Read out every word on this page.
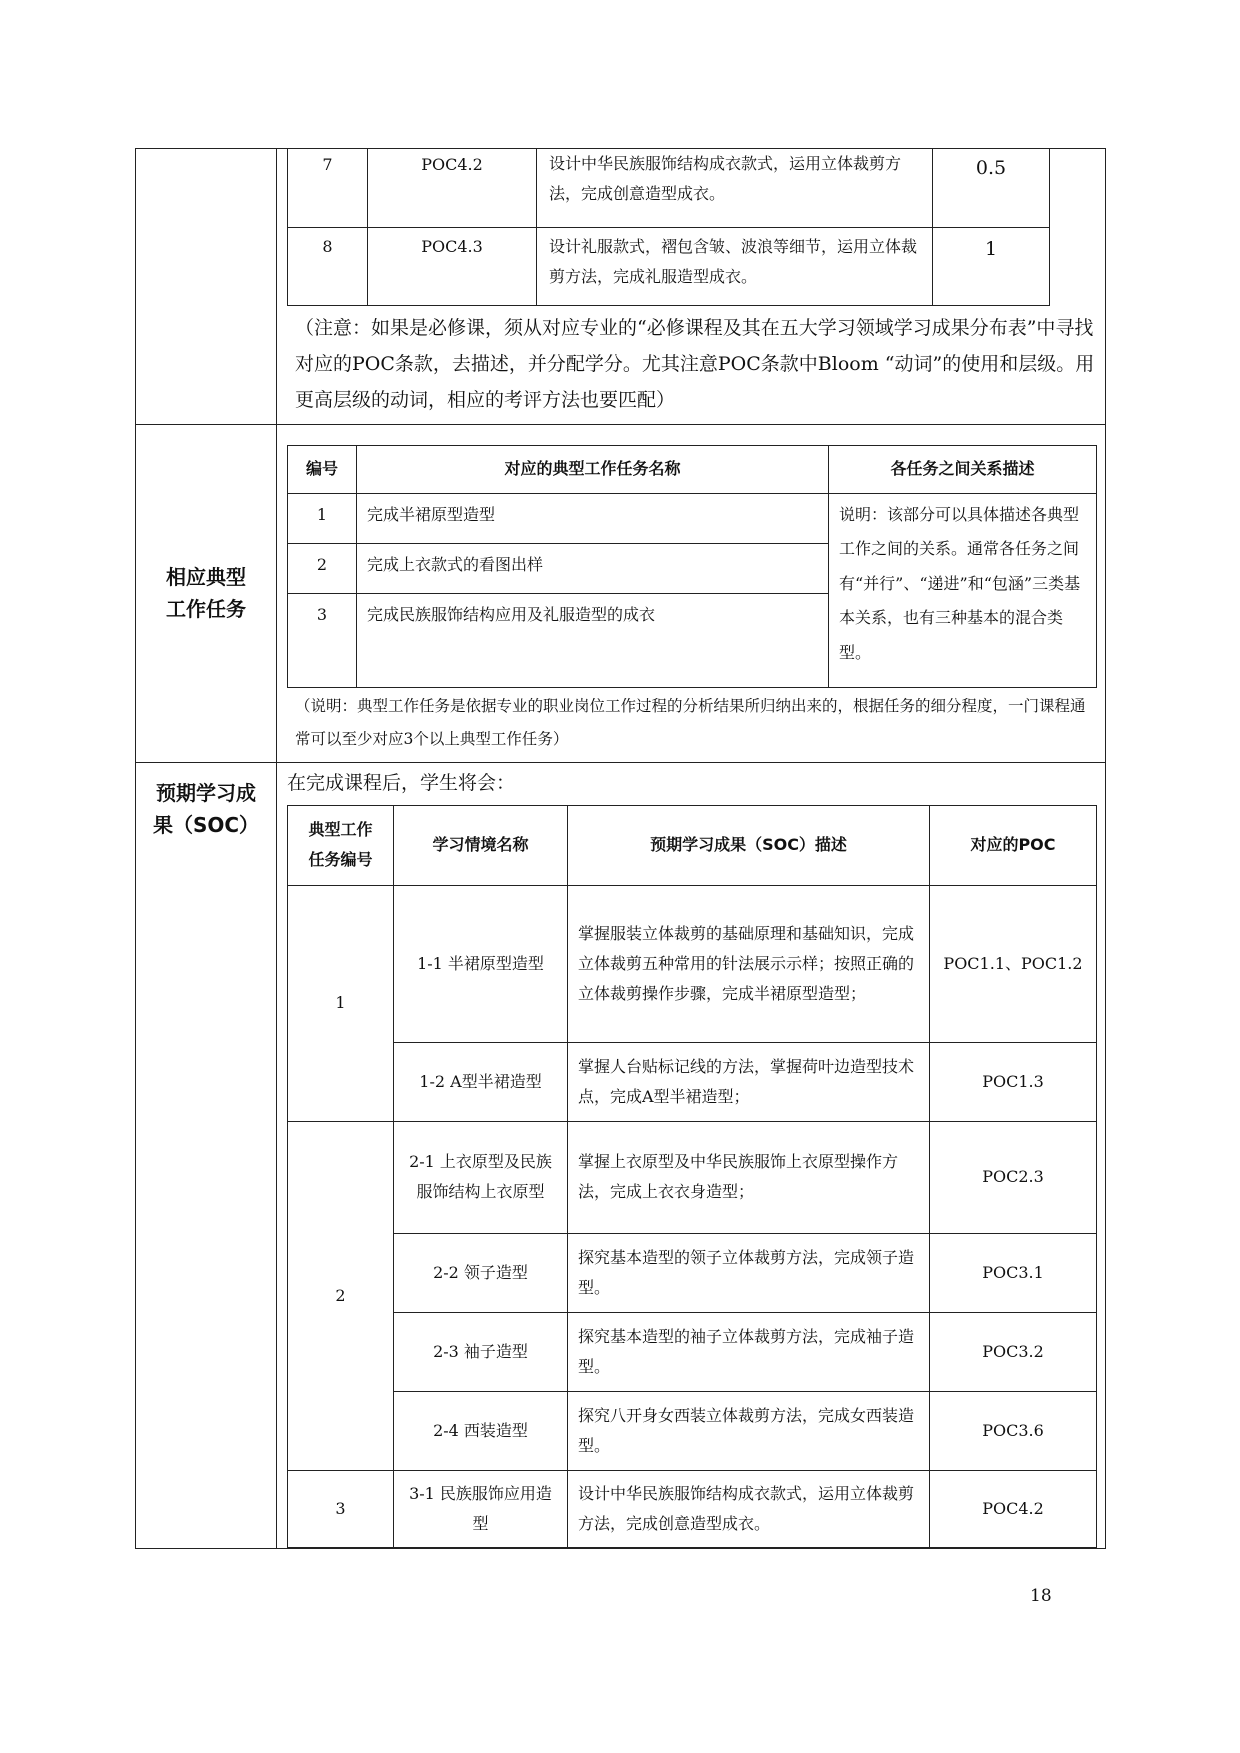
7	POC4.2	设计中华民族服饰结构成衣款式，运用立体裁剪方法，完成创意造型成衣。	0.5
8	POC4.3	设计礼服款式，褶包含皱、波浪等细节，运用立体裁剪方法，完成礼服造型成衣。	1
（注意：如果是必修课，须从对应专业的“必修课程及其在五大学习领域学习成果分布表”中寻找对应的POC条款，去描述，并分配学分。尤其注意POC条款中Bloom “动词”的使用和层级。用更高层级的动词，相应的考评方法也要匹配）

相应典型
工作任务

编号	对应的典型工作任务名称	各任务之间关系描述
1	完成半裙原型造型	说明：该部分可以具体描述各典型工作之间的关系。通常各任务之间有“并行”、“递进”和“包涵”三类基本关系，也有三种基本的混合类型。
2	完成上衣款式的看图出样
3	完成民族服饰结构应用及礼服造型的成衣
（说明：典型工作任务是依据专业的职业岗位工作过程的分析结果所归纳出来的，根据任务的细分程度，一门课程通常可以至少对应3个以上典型工作任务）

预期学习成
果（SOC）

在完成课程后，学生将会：
典型工作
任务编号
	学习情境名称	预期学习成果（SOC）描述	对应的POC
1	1-1 半裙原型造型	掌握服装立体裁剪的基础原理和基础知识，完成立体裁剪五种常用的针法展示示样；按照正确的立体裁剪操作步骤，完成半裙原型造型；	POC1.1、POC1.2
1-2 A型半裙造型	掌握人台贴标记线的方法，掌握荷叶边造型技术点，完成A型半裙造型；	POC1.3
2	2-1 上衣原型及民族服饰结构上衣原型	掌握上衣原型及中华民族服饰上衣原型操作方法，完成上衣衣身造型；	POC2.3
2-2 领子造型	探究基本造型的领子立体裁剪方法，完成领子造型。	POC3.1
2-3 袖子造型	探究基本造型的袖子立体裁剪方法，完成袖子造型。	POC3.2
2-4 西装造型	探究八开身女西装立体裁剪方法，完成女西装造型。	POC3.6
3	3-1 民族服饰应用造型	设计中华民族服饰结构成衣款式，运用立体裁剪方法，完成创意造型成衣。	POC4.2
18
